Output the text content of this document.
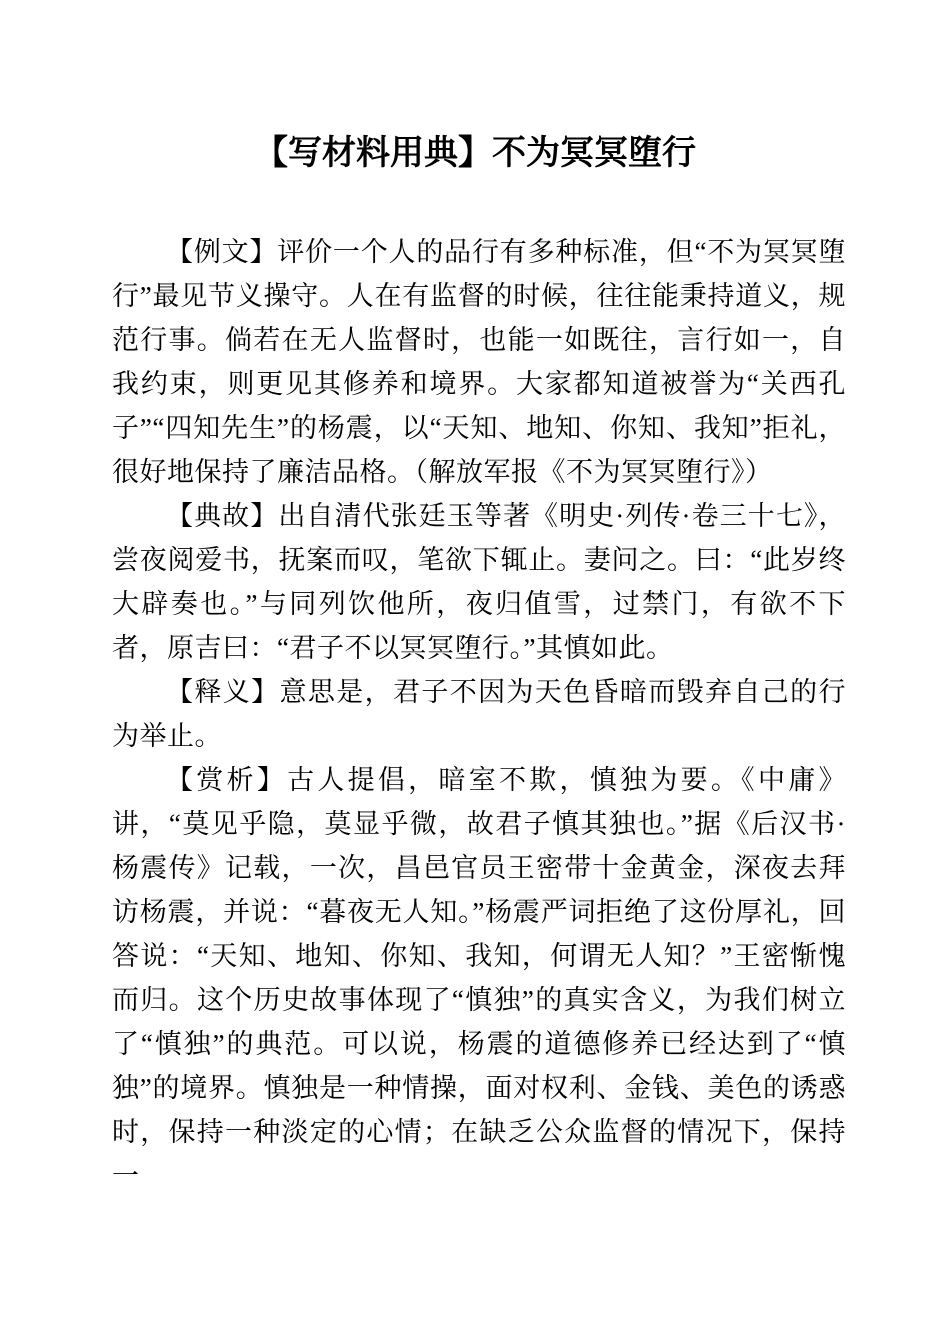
【写材料用典】不为冥冥堕行

【例文】评价一个人的品行有多种标准，但“不为冥冥堕行”最见节义操守。人在有监督的时候，往往能秉持道义，规范行事。倘若在无人监督时，也能一如既往，言行如一，自我约束，则更见其修养和境界。大家都知道被誉为“关西孔子”“四知先生”的杨震，以“天知、地知、你知、我知”拒礼，很好地保持了廉洁品格。（解放军报《不为冥冥堕行》）

【典故】出自清代张廷玉等著《明史·列传·卷三十七》，尝夜阅爱书，抚案而叹，笔欲下辄止。妻问之。曰：“此岁终大辟奏也。”与同列饮他所，夜归值雪，过禁门，有欲不下者，原吉曰：“君子不以冥冥堕行。”其慎如此。

【释义】意思是，君子不因为天色昏暗而毁弃自己的行为举止。

【赏析】古人提倡，暗室不欺，慎独为要。《中庸》讲，“莫见乎隐，莫显乎微，故君子慎其独也。”据《后汉书·杨震传》记载，一次，昌邑官员王密带十金黄金，深夜去拜访杨震，并说：“暮夜无人知。”杨震严词拒绝了这份厚礼，回答说：“天知、地知、你知、我知，何谓无人知？”王密惭愧而归。这个历史故事体现了“慎独”的真实含义，为我们树立了“慎独”的典范。可以说，杨震的道德修养已经达到了“慎独”的境界。慎独是一种情操，面对权利、金钱、美色的诱惑时，保持一种淡定的心情；在缺乏公众监督的情况下，保持一
